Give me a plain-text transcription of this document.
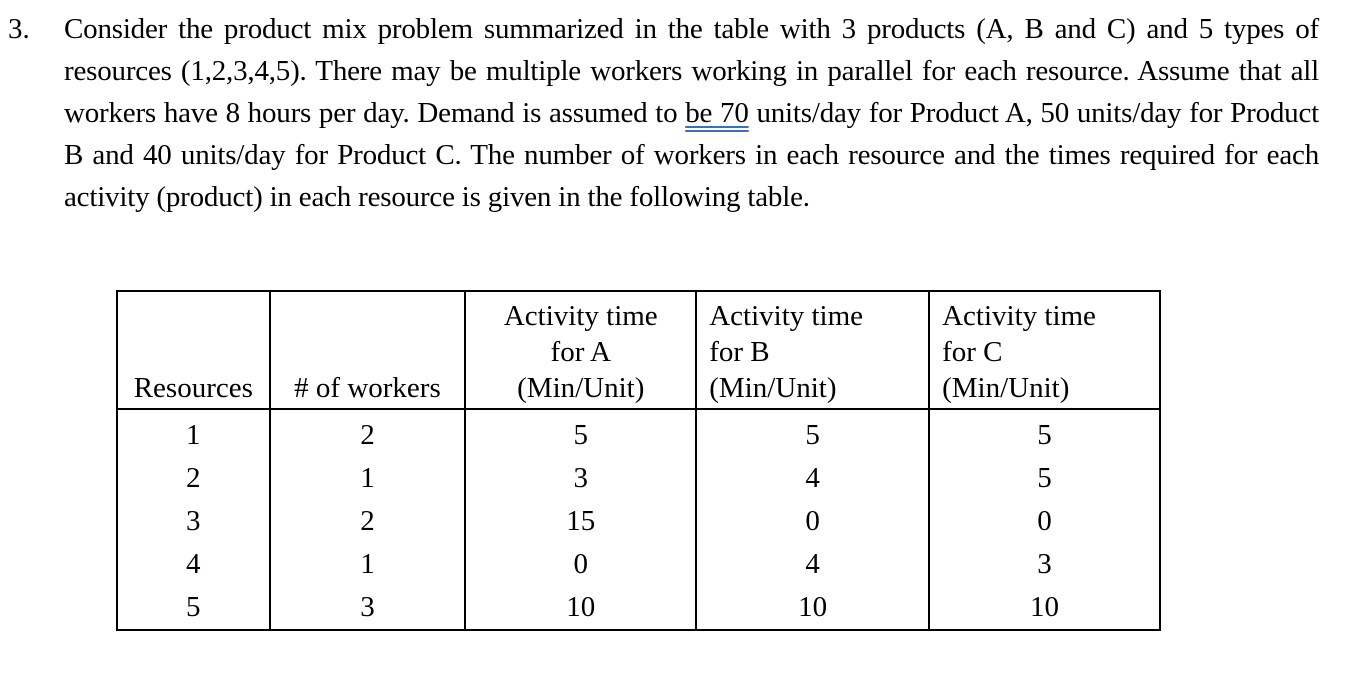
3. Consider the product mix problem summarized in the table with 3 products (A, B and C) and 5 types of resources (1,2,3,4,5). There may be multiple workers working in parallel for each resource. Assume that all workers have 8 hours per day. Demand is assumed to be 70 units/day for Product A, 50 units/day for Product B and 40 units/day for Product C. The number of workers in each resource and the times required for each activity (product) in each resource is given in the following table.
Resources	# of workers	Activity time
for A
(Min/Unit)	Activity time
for B
(Min/Unit)	Activity time
for C
(Min/Unit)

1	2	5	5	5
2	1	3	4	5
3	2	15	0	0
4	1	0	4	3
5	3	10	10	10
